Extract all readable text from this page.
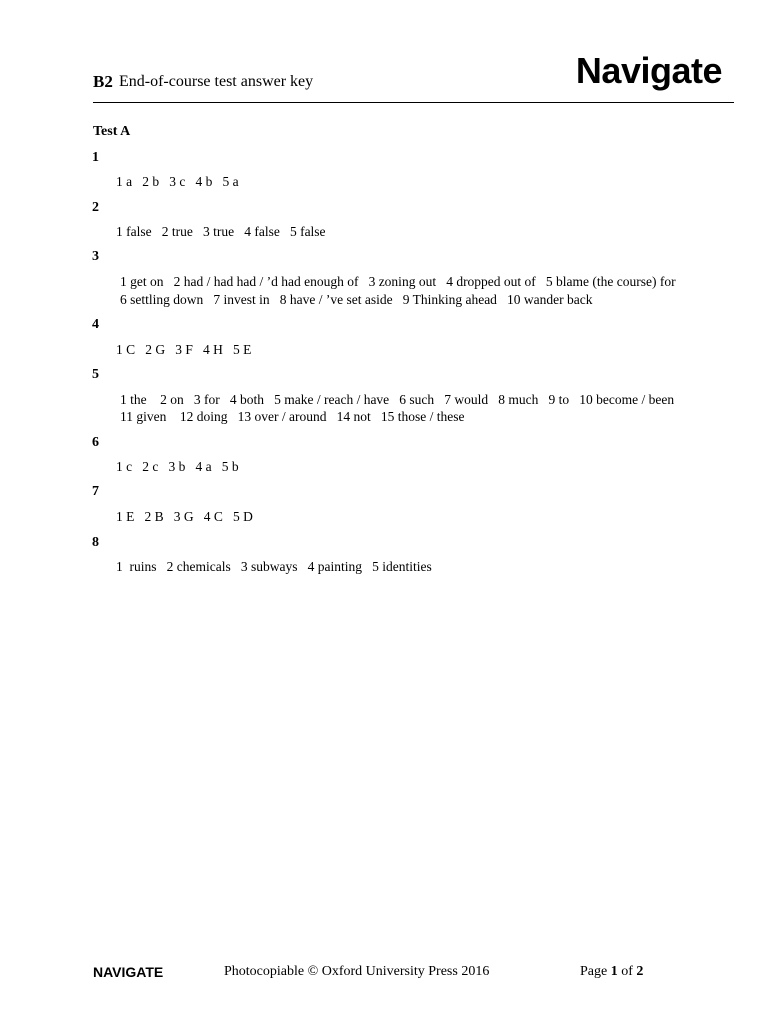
B2 End-of-course test answer key	Navigate
Test A
1
1 a   2 b   3 c   4 b   5 a
2
1 false   2 true   3 true   4 false   5 false
3
1 get on   2 had / had had / ’d had enough of   3 zoning out   4 dropped out of   5 blame (the course) for
6 settling down   7 invest in   8 have / ’ve set aside   9 Thinking ahead   10 wander back
4
1 C   2 G   3 F   4 H   5 E
5
1 the    2 on   3 for   4 both   5 make / reach / have   6 such   7 would   8 much   9 to   10 become / been
11 given    12 doing   13 over / around   14 not   15 those / these
6
1 c   2 c   3 b   4 a   5 b
7
1 E   2 B   3 G   4 C   5 D
8
1  ruins   2 chemicals   3 subways   4 painting   5 identities
NAVIGATE	Photocopiable © Oxford University Press 2016	Page 1 of 2
